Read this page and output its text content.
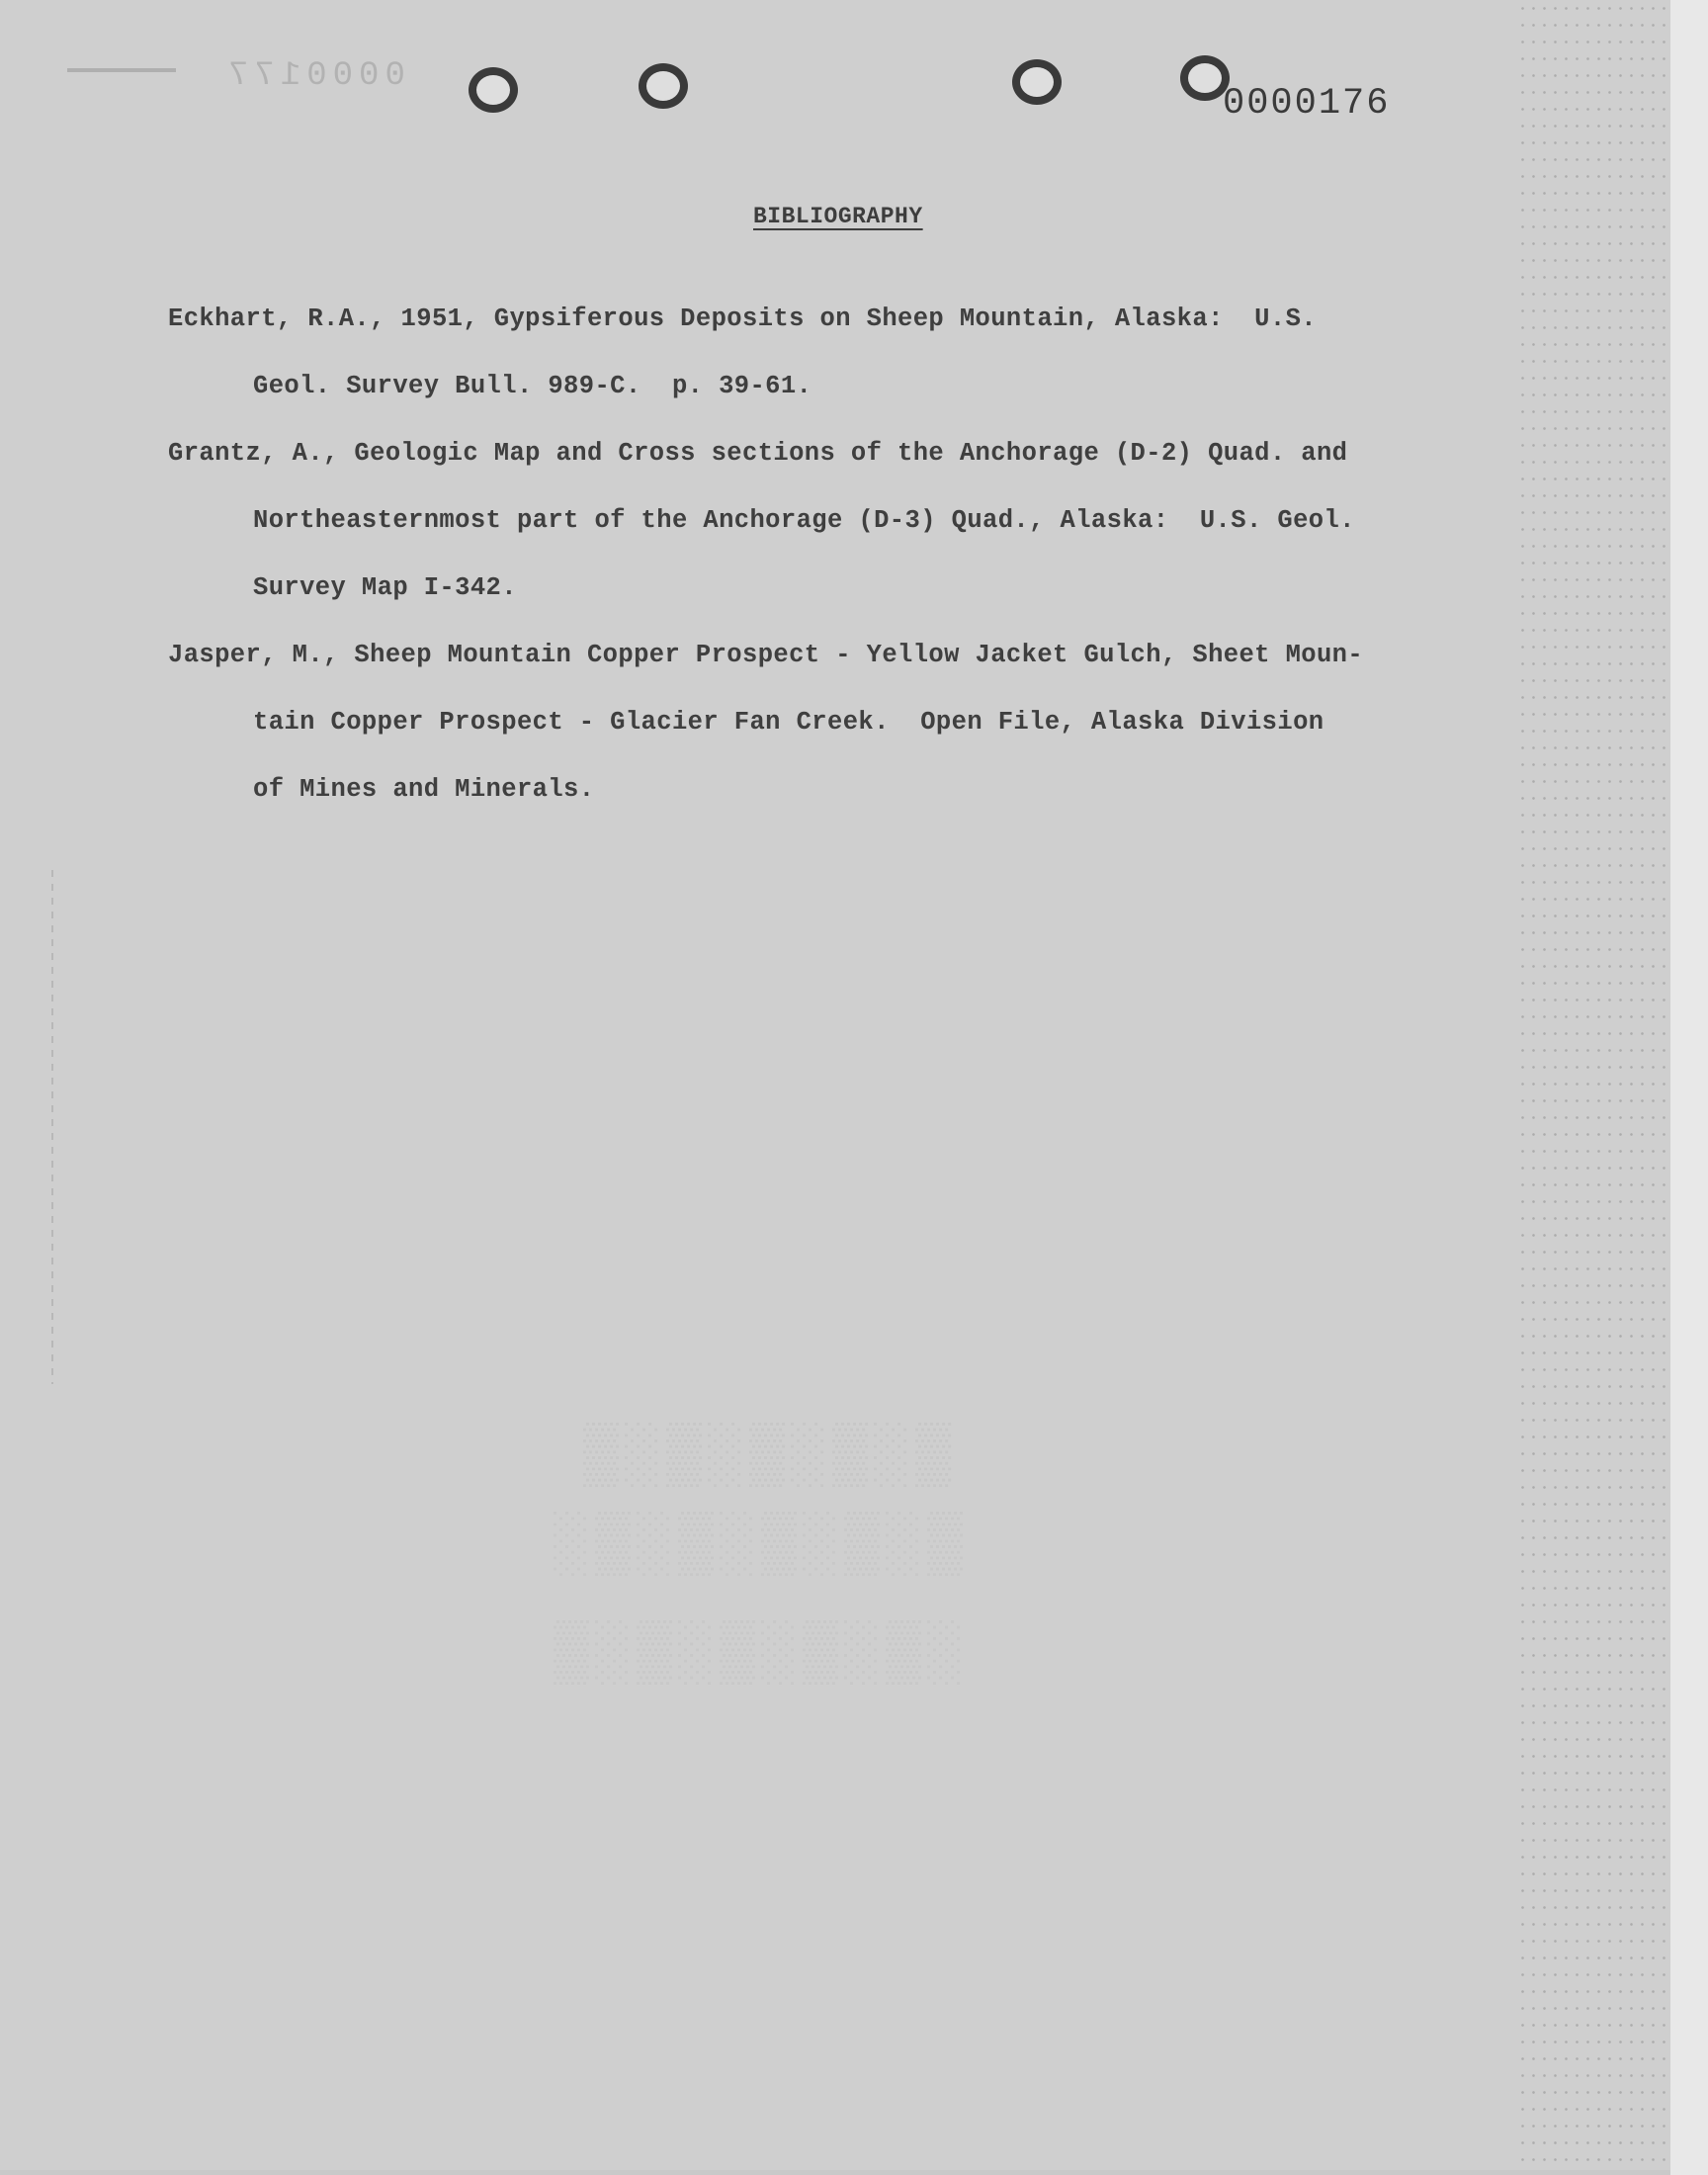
0000177
0000176
BIBLIOGRAPHY
Eckhart, R.A., 1951, Gypsiferous Deposits on Sheep Mountain, Alaska:  U.S.
Geol. Survey Bull. 989-C.  p. 39-61.
Grantz, A., Geologic Map and Cross sections of the Anchorage (D-2) Quad. and
Northeasternmost part of the Anchorage (D-3) Quad., Alaska:  U.S. Geol.
Survey Map I-342.
Jasper, M., Sheep Mountain Copper Prospect - Yellow Jacket Gulch, Sheet Moun-
tain Copper Prospect - Glacier Fan Creek.  Open File, Alaska Division
of Mines and Minerals.
▒░▒░▒░▒░▒
░▒░▒░▒░▒░▒
▒░▒░▒░▒░▒░
